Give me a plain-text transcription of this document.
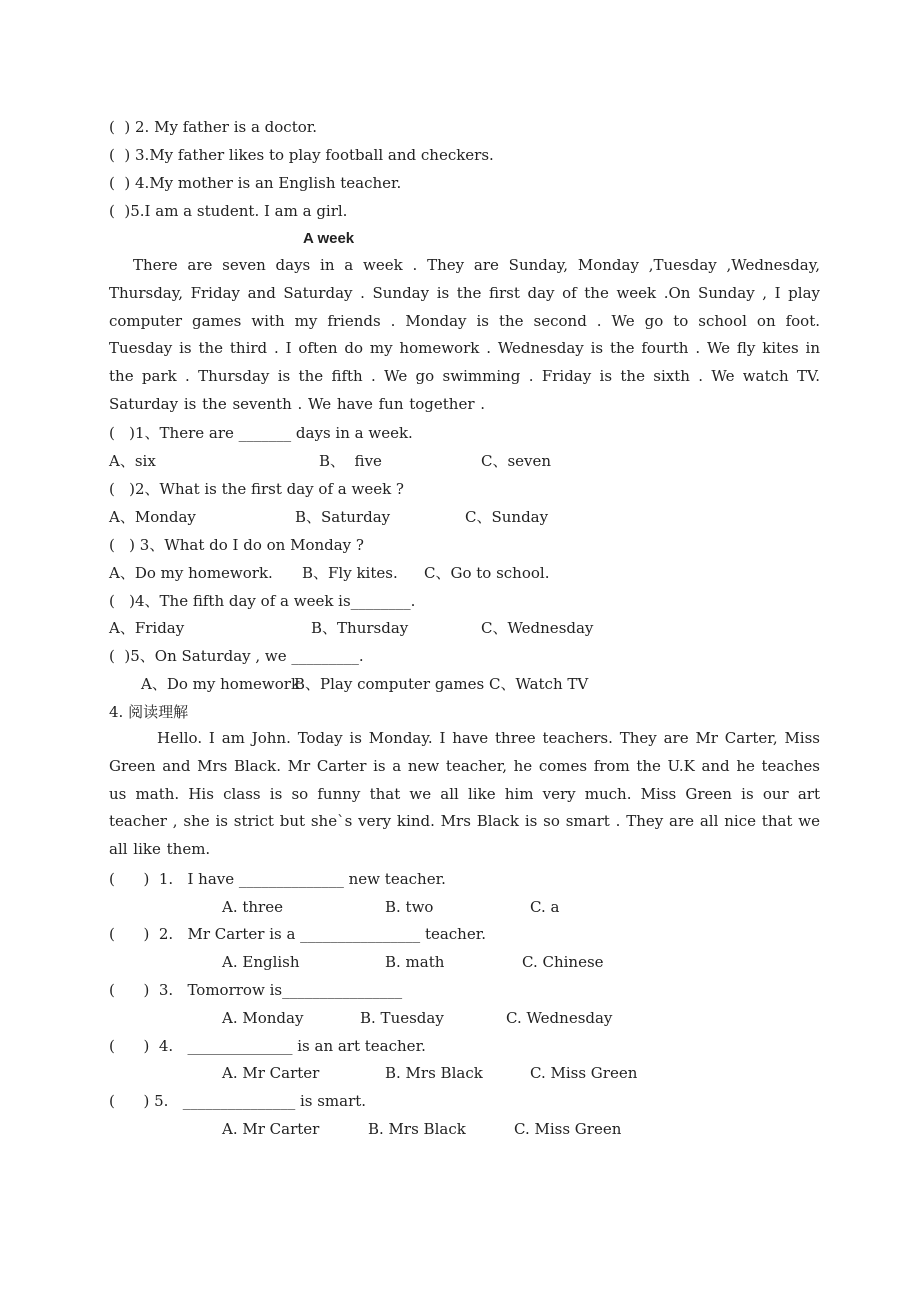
(  ) 2. My father is a doctor.
(  ) 3.My father likes to play football and checkers.
(  ) 4.My mother is an English teacher.
(  )5.I am a student. I am a girl.
A week
There are seven days in a week . They are Sunday, Monday ,Tuesday ,Wednesday, Thursday, Friday and Saturday . Sunday is the first day of the week .On Sunday , I play computer games with my friends . Monday is the second . We go to school on foot. Tuesday is the third . I often do my homework . Wednesday is the fourth . We fly kites in the park . Thursday is the fifth . We go swimming . Friday is the sixth . We watch TV. Saturday is the seventh . We have fun together .
(   )1、There are _______ days in a week.
A、six	B、  five	C、seven
(   )2、What is the first day of a week ?
A、Monday	B、Saturday	C、Sunday
(   ) 3、What do I do on Monday ?
A、Do my homework. B、Fly kites. C、Go to school.
(   )4、The fifth day of a week is________.
A、Friday	B、Thursday	C、Wednesday
(  )5、On Saturday , we _________.
A、Do my homework
B、Play computer games C、Watch TV
4. 阅读理解
Hello. I am John. Today is Monday. I have three teachers. They are Mr Carter, Miss Green and Mrs Black. Mr Carter is a new teacher, he comes from the U.K and he teaches us math. His class is so funny that we all like him very much. Miss Green is our art teacher , she is strict but she`s very kind. Mrs Black is so smart . They are all nice that we all like them.
(      )  1.   I have ______________ new teacher.
A. three	B. two	C. a
(      )  2.   Mr Carter is a ________________ teacher.
A. English	B. math	C. Chinese
(      )  3.   Tomorrow is________________
A. Monday	B. Tuesday	C. Wednesday
(      )  4.   ______________ is an art teacher.
A. Mr Carter	B. Mrs Black	C. Miss Green
(      ) 5.   _______________ is smart.
A. Mr Carter	B. Mrs Black	C. Miss Green
